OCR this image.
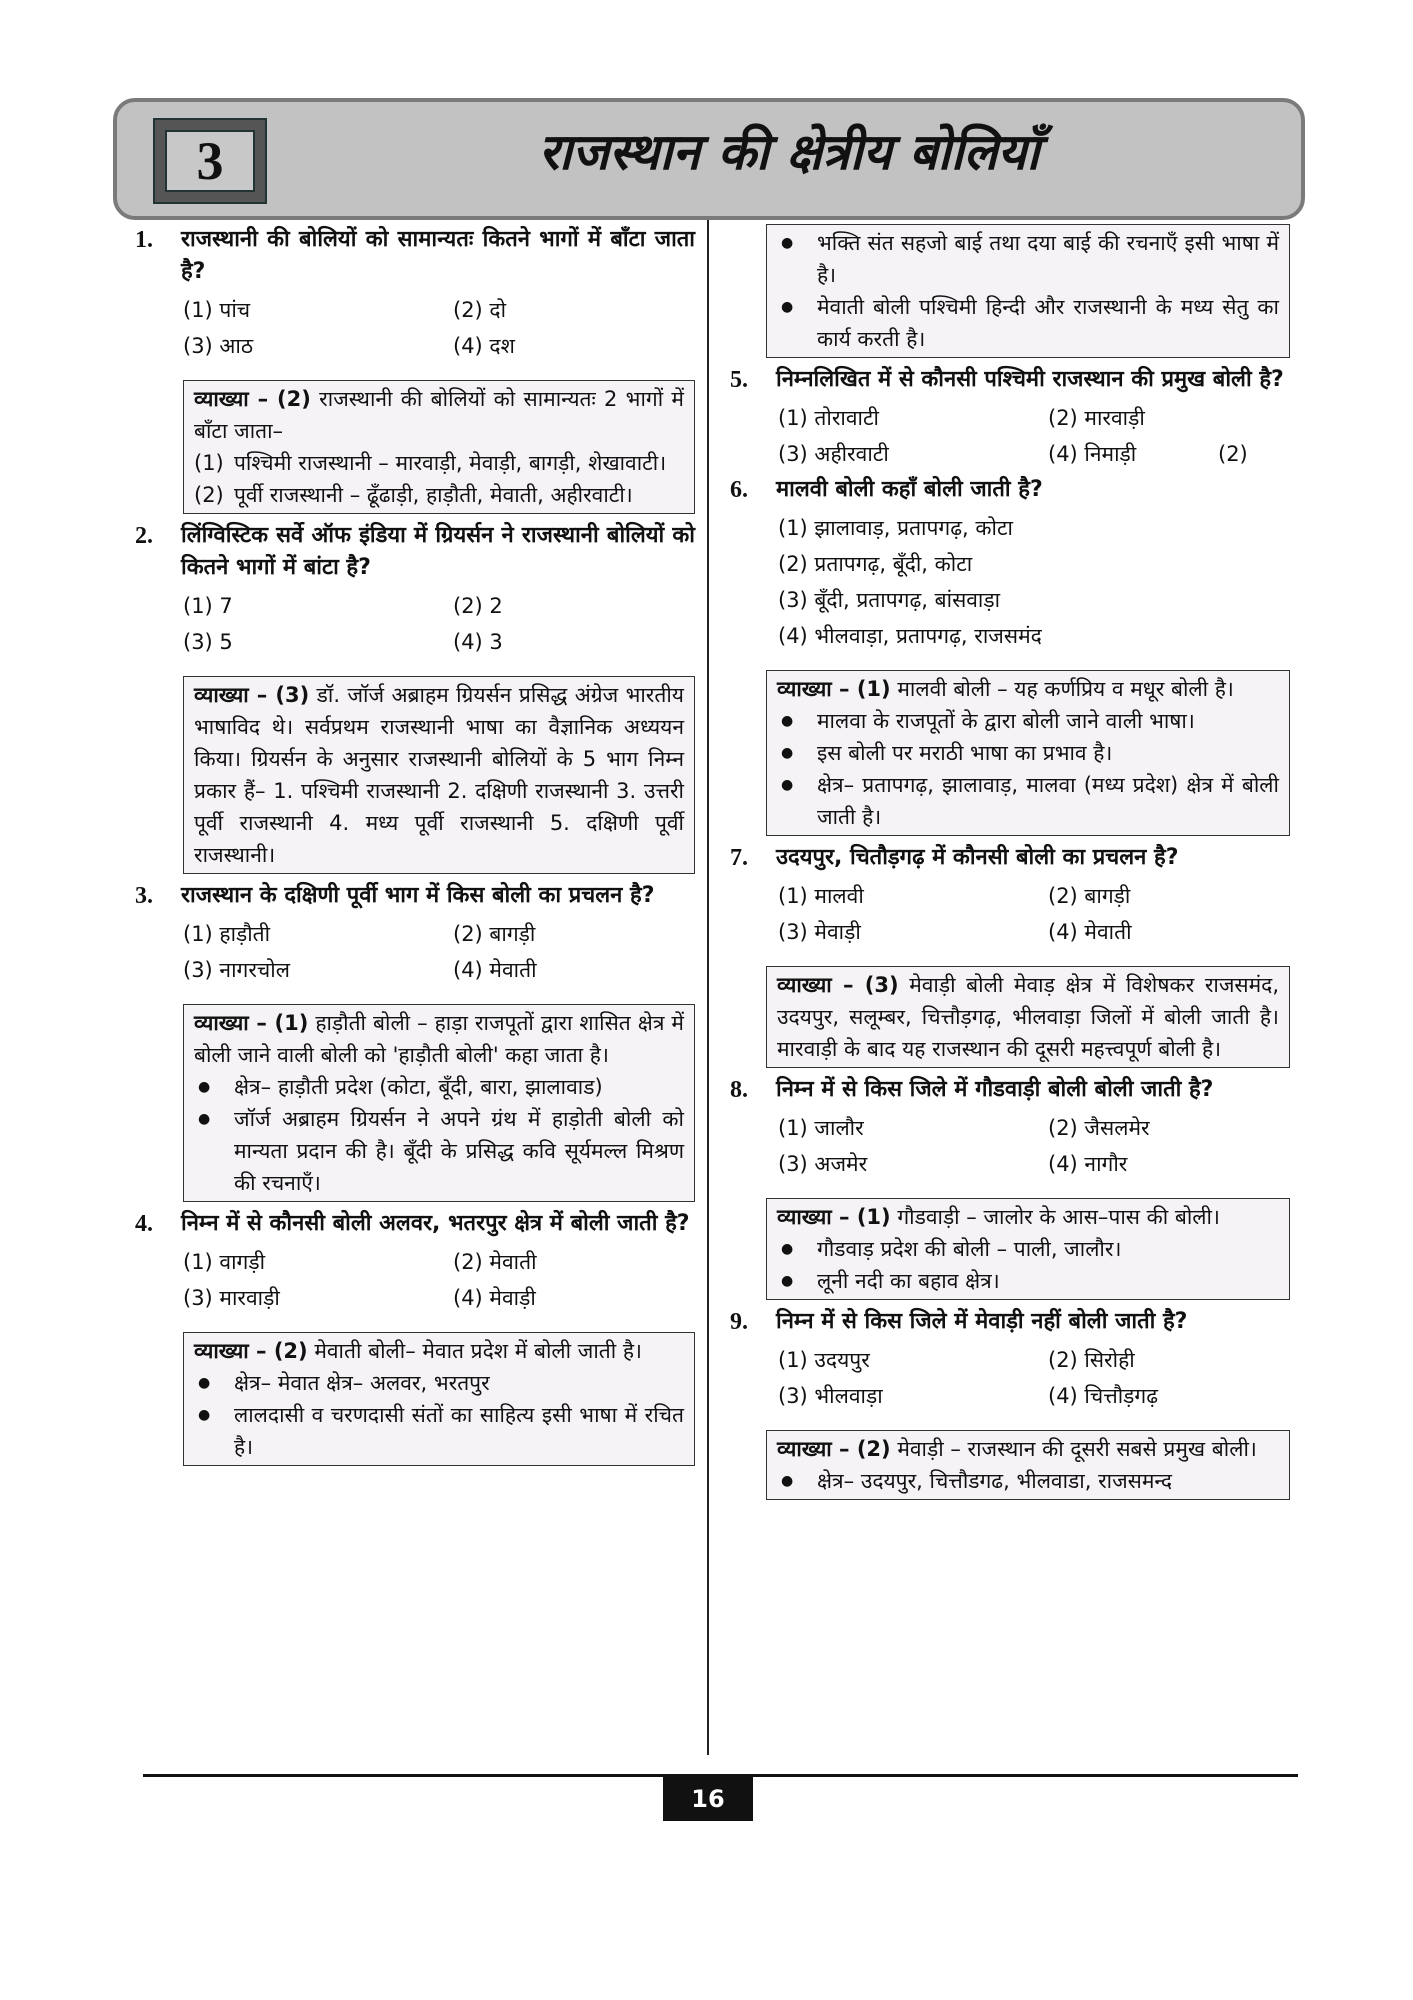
3	राजस्थान की क्षेत्रीय बोलियाँ
1. राजस्थानी की बोलियों को सामान्यतः कितने भागों में बाँटा जाता है?
(1) पांच	(2) दो
(3) आठ	(4) दश
व्याख्या – (2) राजस्थानी की बोलियों को सामान्यतः 2 भागों में बाँटा जाता–
(1) पश्चिमी राजस्थानी – मारवाड़ी, मेवाड़ी, बागड़ी, शेखावाटी।
(2) पूर्वी राजस्थानी – ढूँढाड़ी, हाड़ौती, मेवाती, अहीरवाटी।
2. लिंग्विस्टिक सर्वे ऑफ इंडिया में ग्रियर्सन ने राजस्थानी बोलियों को कितने भागों में बांटा है?
(1) 7	(2) 2
(3) 5	(4) 3
व्याख्या – (3) डॉ. जॉर्ज अब्राहम ग्रियर्सन प्रसिद्ध अंग्रेज भारतीय भाषाविद थे। सर्वप्रथम राजस्थानी भाषा का वैज्ञानिक अध्ययन किया। ग्रियर्सन के अनुसार राजस्थानी बोलियों के 5 भाग निम्न प्रकार हैं– 1. पश्चिमी राजस्थानी 2. दक्षिणी राजस्थानी 3. उत्तरी पूर्वी राजस्थानी 4. मध्य पूर्वी राजस्थानी 5. दक्षिणी पूर्वी राजस्थानी।
3. राजस्थान के दक्षिणी पूर्वी भाग में किस बोली का प्रचलन है?
(1) हाड़ौती	(2) बागड़ी
(3) नागरचोल	(4) मेवाती
व्याख्या – (1) हाड़ौती बोली – हाड़ा राजपूतों द्वारा शासित क्षेत्र में बोली जाने वाली बोली को 'हाड़ौती बोली' कहा जाता है।
● क्षेत्र– हाड़ौती प्रदेश (कोटा, बूँदी, बारा, झालावाड)
● जॉर्ज अब्राहम ग्रियर्सन ने अपने ग्रंथ में हाड़ोती बोली को मान्यता प्रदान की है। बूँदी के प्रसिद्ध कवि सूर्यमल्ल मिश्रण की रचनाएँ।
4. निम्न में से कौनसी बोली अलवर, भतरपुर क्षेत्र में बोली जाती है?
(1) वागड़ी	(2) मेवाती
(3) मारवाड़ी	(4) मेवाड़ी
व्याख्या – (2) मेवाती बोली– मेवात प्रदेश में बोली जाती है।
● क्षेत्र– मेवात क्षेत्र– अलवर, भरतपुर
● लालदासी व चरणदासी संतों का साहित्य इसी भाषा में रचित है।
● भक्ति संत सहजो बाई तथा दया बाई की रचनाएँ इसी भाषा में है।
● मेवाती बोली पश्चिमी हिन्दी और राजस्थानी के मध्य सेतु का कार्य करती है।
5. निम्नलिखित में से कौनसी पश्चिमी राजस्थान की प्रमुख बोली है?
(1) तोरावाटी	(2) मारवाड़ी
(3) अहीरवाटी	(4) निमाड़ी	(2)
6. मालवी बोली कहाँ बोली जाती है?
(1) झालावाड़, प्रतापगढ़, कोटा
(2) प्रतापगढ़, बूँदी, कोटा
(3) बूँदी, प्रतापगढ़, बांसवाड़ा
(4) भीलवाड़ा, प्रतापगढ़, राजसमंद
व्याख्या – (1) मालवी बोली – यह कर्णप्रिय व मधूर बोली है।
● मालवा के राजपूतों के द्वारा बोली जाने वाली भाषा।
● इस बोली पर मराठी भाषा का प्रभाव है।
● क्षेत्र– प्रतापगढ़, झालावाड़, मालवा (मध्य प्रदेश) क्षेत्र में बोली जाती है।
7. उदयपुर, चितौड़गढ़ में कौनसी बोली का प्रचलन है?
(1) मालवी	(2) बागड़ी
(3) मेवाड़ी	(4) मेवाती
व्याख्या – (3) मेवाड़ी बोली मेवाड़ क्षेत्र में विशेषकर राजसमंद, उदयपुर, सलूम्बर, चित्तौड़गढ़, भीलवाड़ा जिलों में बोली जाती है। मारवाड़ी के बाद यह राजस्थान की दूसरी महत्त्वपूर्ण बोली है।
8. निम्न में से किस जिले में गौडवाड़ी बोली बोली जाती है?
(1) जालौर	(2) जैसलमेर
(3) अजमेर	(4) नागौर
व्याख्या – (1) गौडवाड़ी – जालोर के आस–पास की बोली।
● गौडवाड़ प्रदेश की बोली – पाली, जालौर।
● लूनी नदी का बहाव क्षेत्र।
9. निम्न में से किस जिले में मेवाड़ी नहीं बोली जाती है?
(1) उदयपुर	(2) सिरोही
(3) भीलवाड़ा	(4) चित्तौड़गढ़
व्याख्या – (2) मेवाड़ी – राजस्थान की दूसरी सबसे प्रमुख बोली।
● क्षेत्र– उदयपुर, चित्तौडगढ, भीलवाडा, राजसमन्द
16
